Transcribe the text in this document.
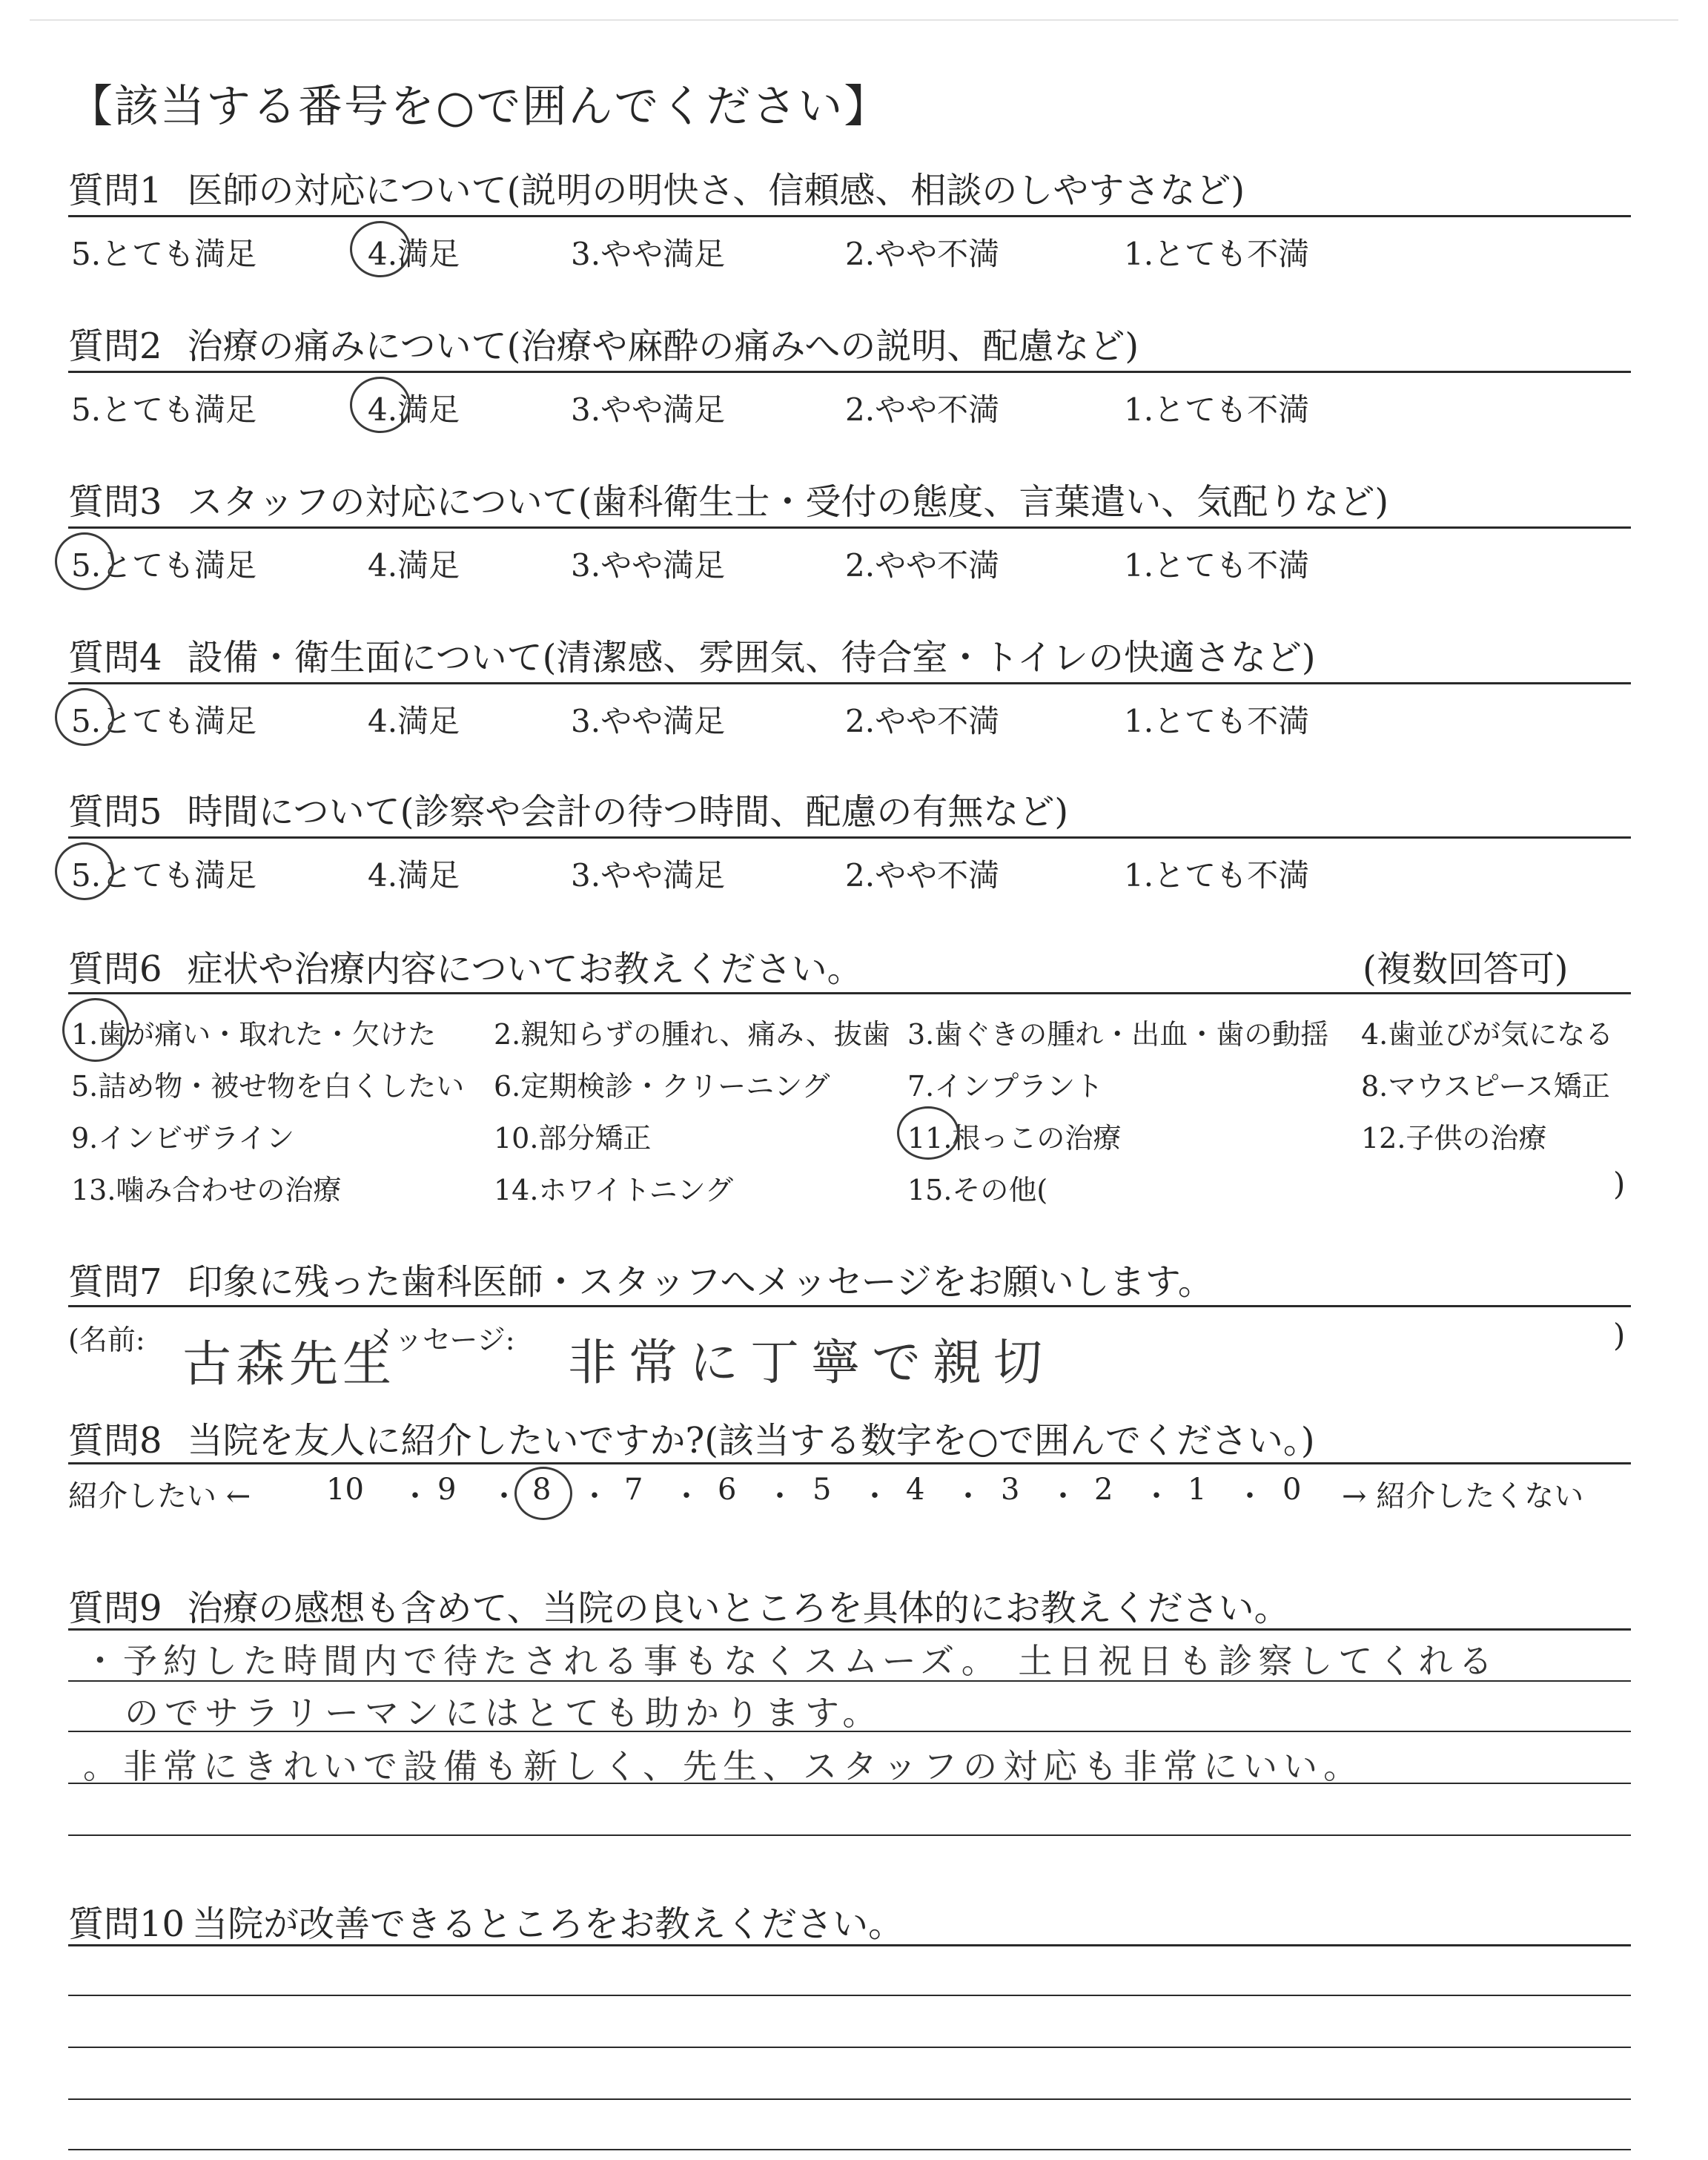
【該当する番号を○で囲んでください】
質問1 医師の対応について(説明の明快さ、信頼感、相談のしやすさなど)
5.とても満足	4.満足	3.やや満足	2.やや不満	1.とても不満
質問2 治療の痛みについて(治療や麻酔の痛みへの説明、配慮など)
5.とても満足	4.満足	3.やや満足	2.やや不満	1.とても不満
質問3 スタッフの対応について(歯科衛生士・受付の態度、言葉遣い、気配りなど)
5.とても満足	4.満足	3.やや満足	2.やや不満	1.とても不満
質問4 設備・衛生面について(清潔感、雰囲気、待合室・トイレの快適さなど)
5.とても満足	4.満足	3.やや満足	2.やや不満	1.とても不満
質問5 時間について(診察や会計の待つ時間、配慮の有無など)
5.とても満足	4.満足	3.やや満足	2.やや不満	1.とても不満
質問6 症状や治療内容についてお教えください。	(複数回答可)
1.歯が痛い・取れた・欠けた 2.親知らずの腫れ、痛み、抜歯 3.歯ぐきの腫れ・出血・歯の動揺 4.歯並びが気になる
5.詰め物・被せ物を白くしたい 6.定期検診・クリーニング	7.インプラント	8.マウスピース矯正
9.インビザライン	10.部分矯正	11.根っこの治療	12.子供の治療
13.噛み合わせの治療	14.ホワイトニング	15.その他(	)
質問7 印象に残った歯科医師・スタッフへメッセージをお願いします。
(名前: 古森先生
メッセージ: 非常に丁寧で親切	)
質問8 当院を友人に紹介したいですか?(該当する数字を○で囲んでください。)
紹介したい ←	→ 紹介したくない
10 ・ 9 ・ 8 ・ 7 ・ 6 ・ 5 ・ 4 ・ 3 ・ 2 ・ 1 ・ 0
質問9 治療の感想も含めて、当院の良いところを具体的にお教えください。
・予約した時間内で待たされる事もなくスムーズ。 土日祝日も診察してくれる
のでサラリーマンにはとても助かります。
。非常にきれいで設備も新しく、先生、スタッフの対応も非常にいい。
質問10 当院が改善できるところをお教えください。
